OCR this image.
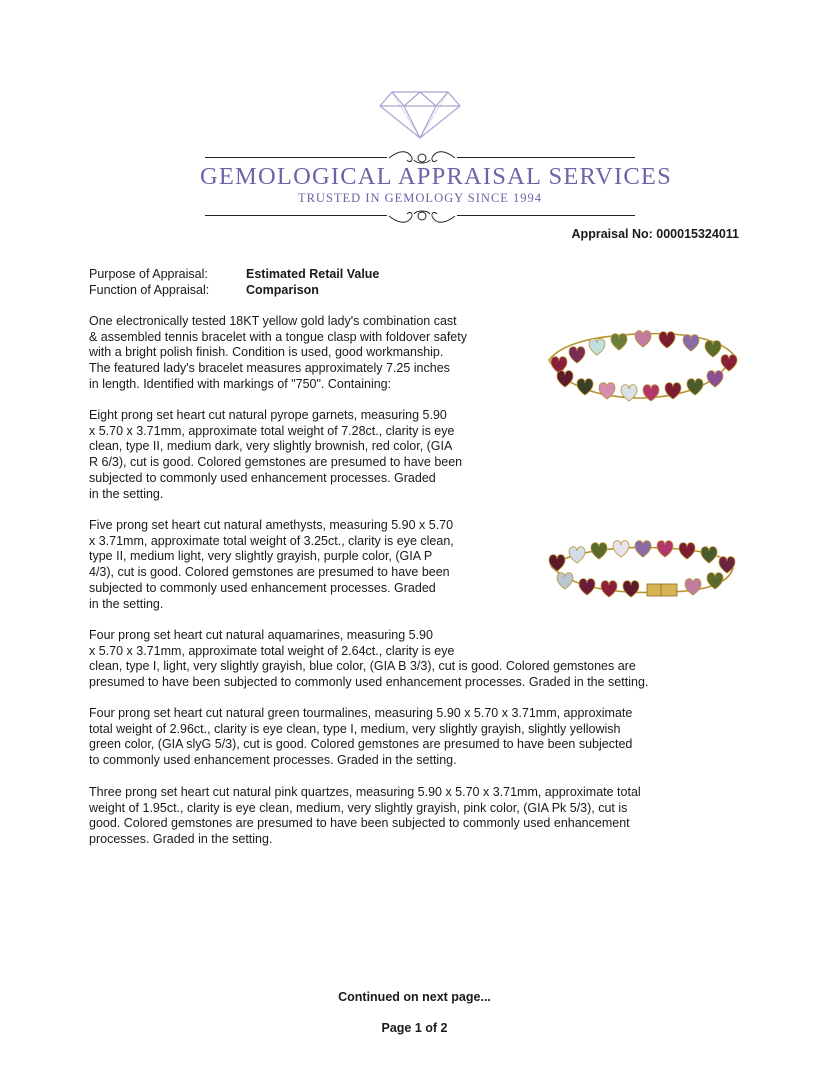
GEMOLOGICAL APPRAISAL SERVICES
TRUSTED IN GEMOLOGY SINCE 1994
Appraisal No: 000015324011
Purpose of Appraisal:	Estimated Retail Value
Function of Appraisal:	Comparison

One electronically tested 18KT yellow gold lady's combination cast
& assembled tennis bracelet with a tongue clasp with foldover safety
with a bright polish finish. Condition is used, good workmanship.
The featured lady's bracelet measures approximately 7.25 inches
in length. Identified with markings of "750". Containing:

Eight prong set heart cut natural pyrope garnets, measuring 5.90
x 5.70 x 3.71mm, approximate total weight of 7.28ct., clarity is eye
clean, type II, medium dark, very slightly brownish, red color, (GIA
R 6/3), cut is good. Colored gemstones are presumed to have been
subjected to commonly used enhancement processes. Graded
in the setting.

Five prong set heart cut natural amethysts, measuring 5.90 x 5.70
x 3.71mm, approximate total weight of 3.25ct., clarity is eye clean,
type II, medium light, very slightly grayish, purple color, (GIA P
4/3), cut is good. Colored gemstones are presumed to have been
subjected to commonly used enhancement processes. Graded
in the setting.

Four prong set heart cut natural aquamarines, measuring 5.90
x 5.70 x 3.71mm, approximate total weight of 2.64ct., clarity is eye
clean, type I, light, very slightly grayish, blue color, (GIA B 3/3), cut is good. Colored gemstones are
presumed to have been subjected to commonly used enhancement processes. Graded in the setting.

Four prong set heart cut natural green tourmalines, measuring 5.90 x 5.70 x 3.71mm, approximate
total weight of 2.96ct., clarity is eye clean, type I, medium, very slightly grayish, slightly yellowish
green color, (GIA slyG 5/3), cut is good. Colored gemstones are presumed to have been subjected
to commonly used enhancement processes. Graded in the setting.

Three prong set heart cut natural pink quartzes, measuring 5.90 x 5.70 x 3.71mm, approximate total
weight of 1.95ct., clarity is eye clean, medium, very slightly grayish, pink color, (GIA Pk 5/3), cut is
good. Colored gemstones are presumed to have been subjected to commonly used enhancement
processes. Graded in the setting.

Continued on next page...
Page 1 of 2
